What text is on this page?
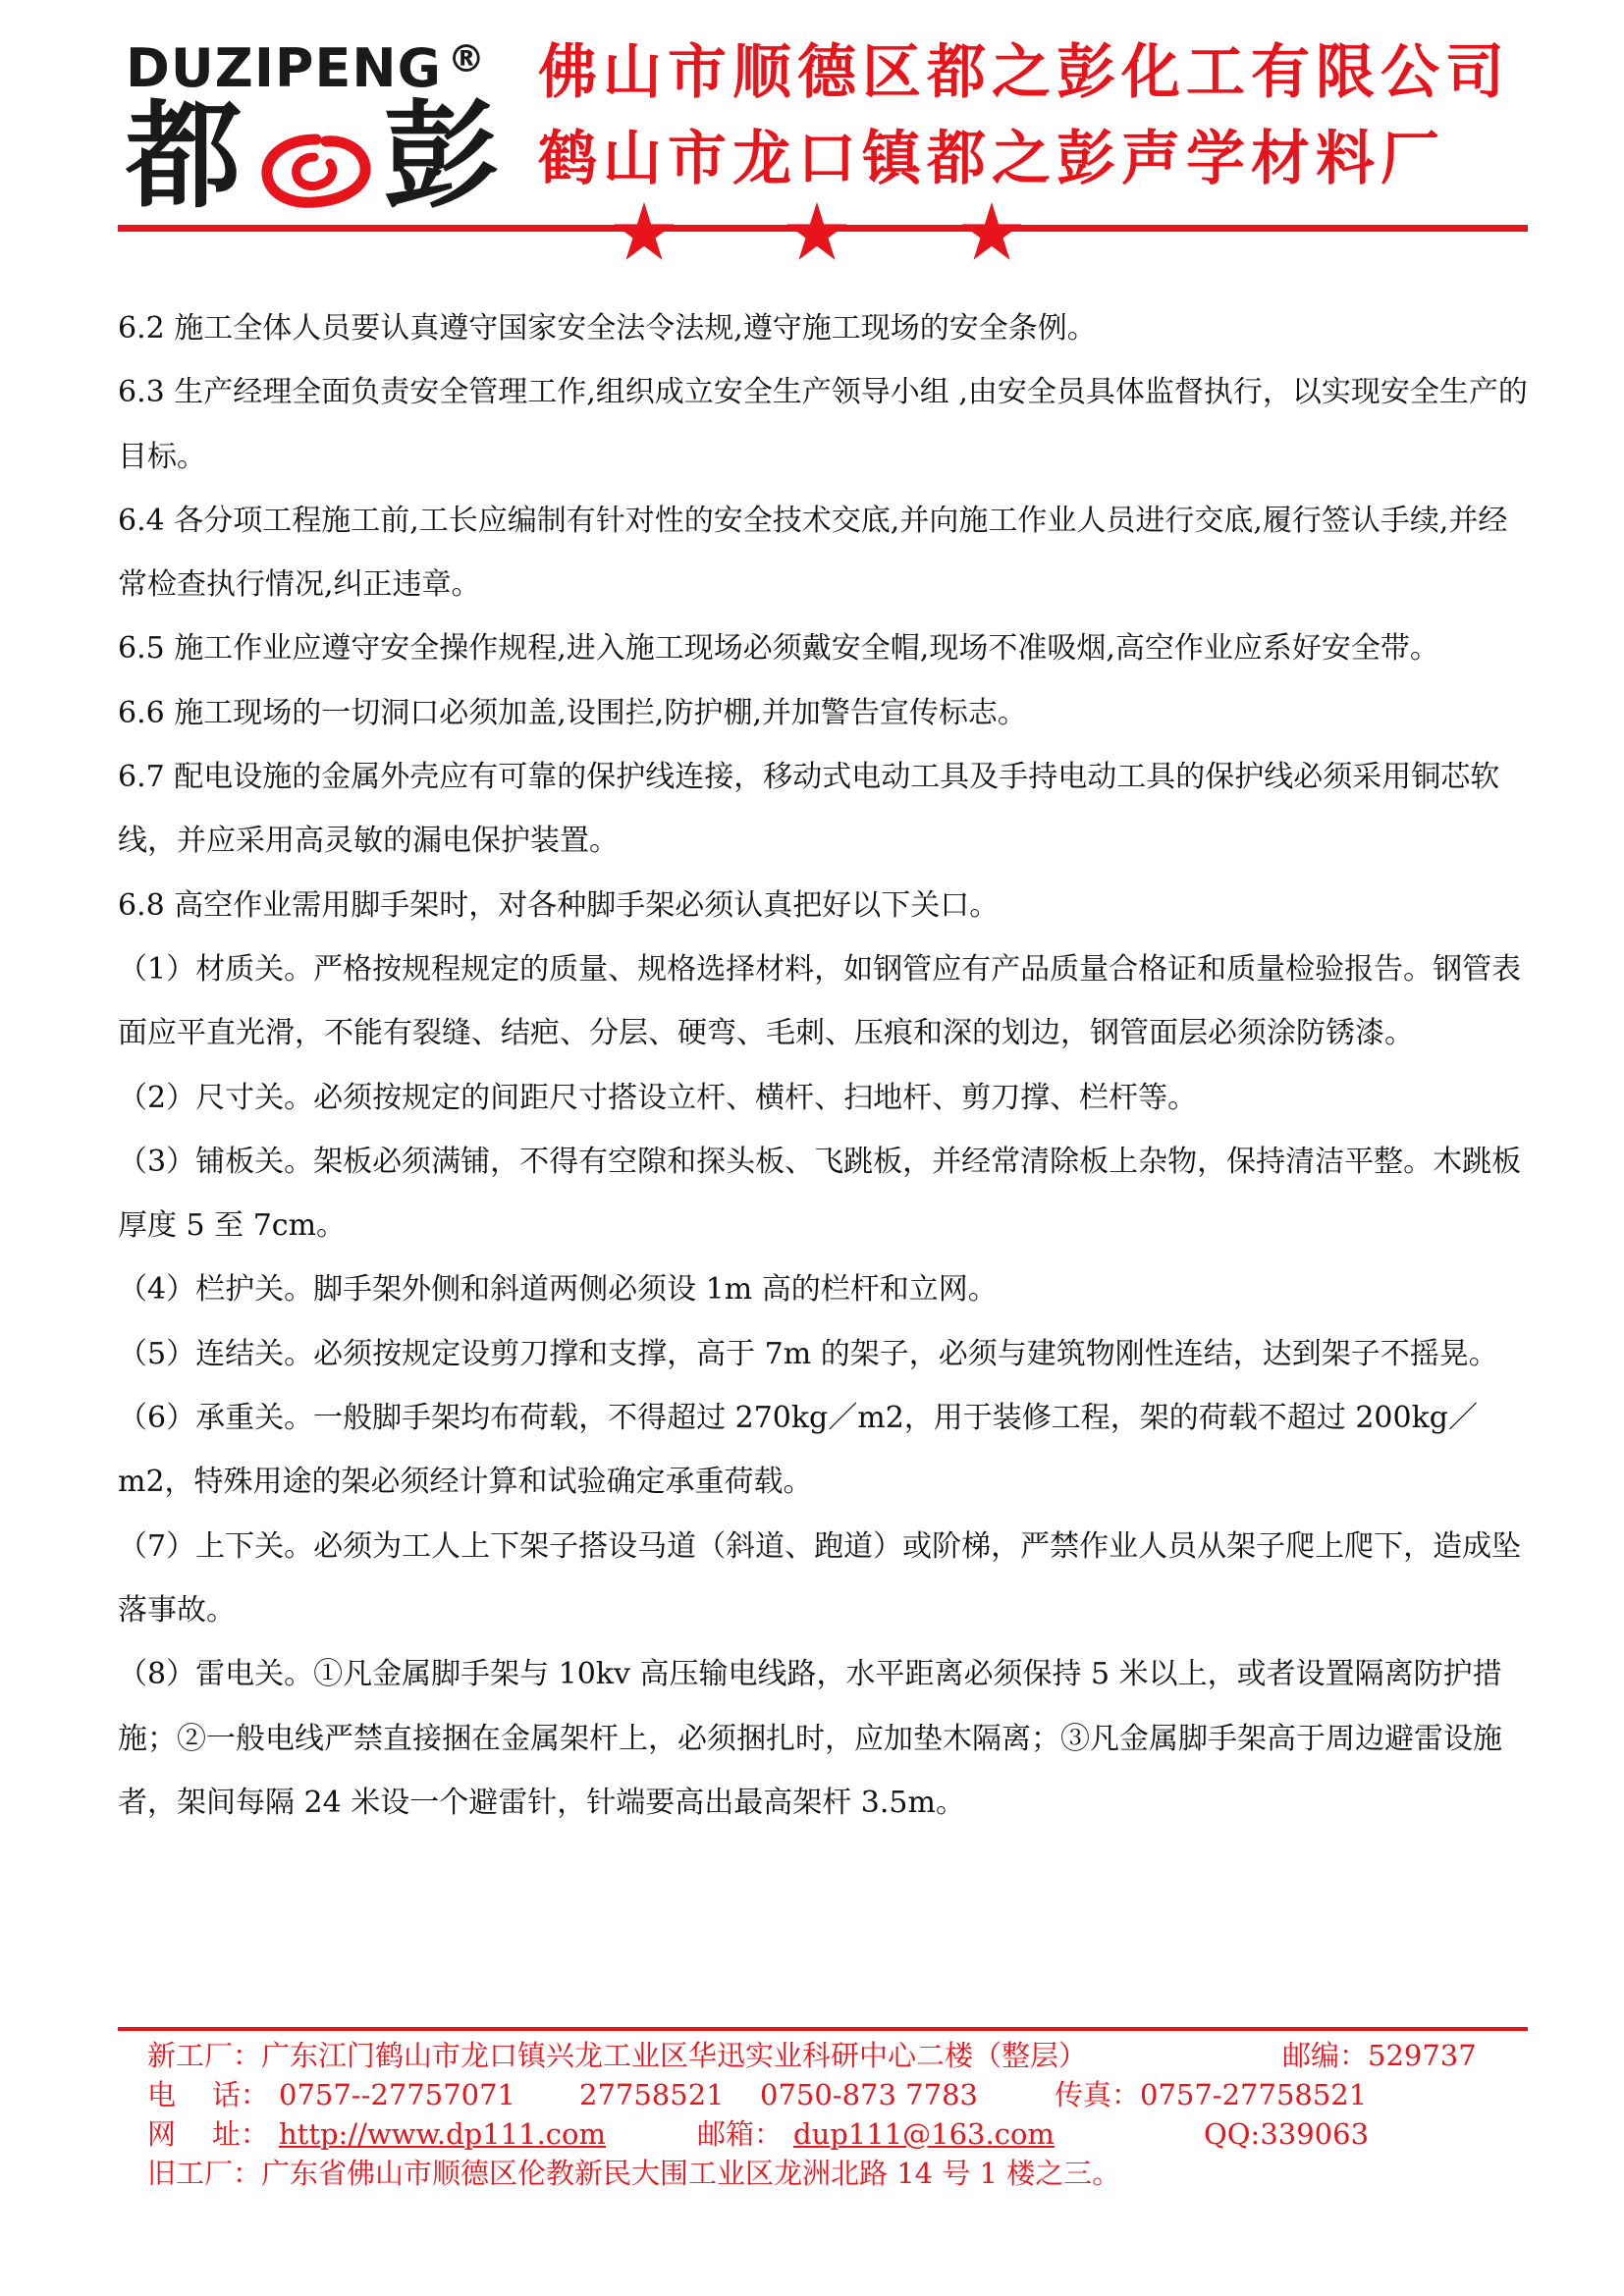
DUZIPENG ®
都 彭
佛山市顺德区都之彭化工有限公司
鹤山市龙口镇都之彭声学材料厂

6.2 施工全体人员要认真遵守国家安全法令法规,遵守施工现场的安全条例。

6.3 生产经理全面负责安全管理工作,组织成立安全生产领导小组 ,由安全员具体监督执行，以实现安全生产的目标。

6.4 各分项工程施工前,工长应编制有针对性的安全技术交底,并向施工作业人员进行交底,履行签认手续,并经常检查执行情况,纠正违章。

6.5 施工作业应遵守安全操作规程,进入施工现场必须戴安全帽,现场不准吸烟,高空作业应系好安全带。

6.6 施工现场的一切洞口必须加盖,设围拦,防护棚,并加警告宣传标志。

6.7 配电设施的金属外壳应有可靠的保护线连接，移动式电动工具及手持电动工具的保护线必须采用铜芯软线，并应采用高灵敏的漏电保护装置。

6.8 高空作业需用脚手架时，对各种脚手架必须认真把好以下关口。

（1）材质关。严格按规程规定的质量、规格选择材料，如钢管应有产品质量合格证和质量检验报告。钢管表面应平直光滑，不能有裂缝、结疤、分层、硬弯、毛刺、压痕和深的划边，钢管面层必须涂防锈漆。

（2）尺寸关。必须按规定的间距尺寸搭设立杆、横杆、扫地杆、剪刀撑、栏杆等。

（3）铺板关。架板必须满铺，不得有空隙和探头板、飞跳板，并经常清除板上杂物，保持清洁平整。木跳板厚度 5 至 7cm。

（4）栏护关。脚手架外侧和斜道两侧必须设 1m 高的栏杆和立网。

（5）连结关。必须按规定设剪刀撑和支撑，高于 7m 的架子，必须与建筑物刚性连结，达到架子不摇晃。

（6）承重关。一般脚手架均布荷载，不得超过 270kg／m2，用于装修工程，架的荷载不超过 200kg／m2，特殊用途的架必须经计算和试验确定承重荷载。

（7）上下关。必须为工人上下架子搭设马道（斜道、跑道）或阶梯，严禁作业人员从架子爬上爬下，造成坠落事故。

（8）雷电关。①凡金属脚手架与 10kv 高压输电线路，水平距离必须保持 5 米以上，或者设置隔离防护措施；②一般电线严禁直接捆在金属架杆上，必须捆扎时，应加垫木隔离；③凡金属脚手架高于周边避雷设施者，架间每隔 24 米设一个避雷针，针端要高出最高架杆 3.5m。

新工厂：广东江门鹤山市龙口镇兴龙工业区华迅实业科研中心二楼（整层）	邮编：529737
电    话： 0757--27757071 27758521 0750-873 7783	传真：0757-27758521
网    址： http://www.dp111.com	邮箱： dup111@163.com	QQ:339063
旧工厂：广东省佛山市顺德区伦教新民大围工业区龙洲北路 14 号 1 楼之三。
